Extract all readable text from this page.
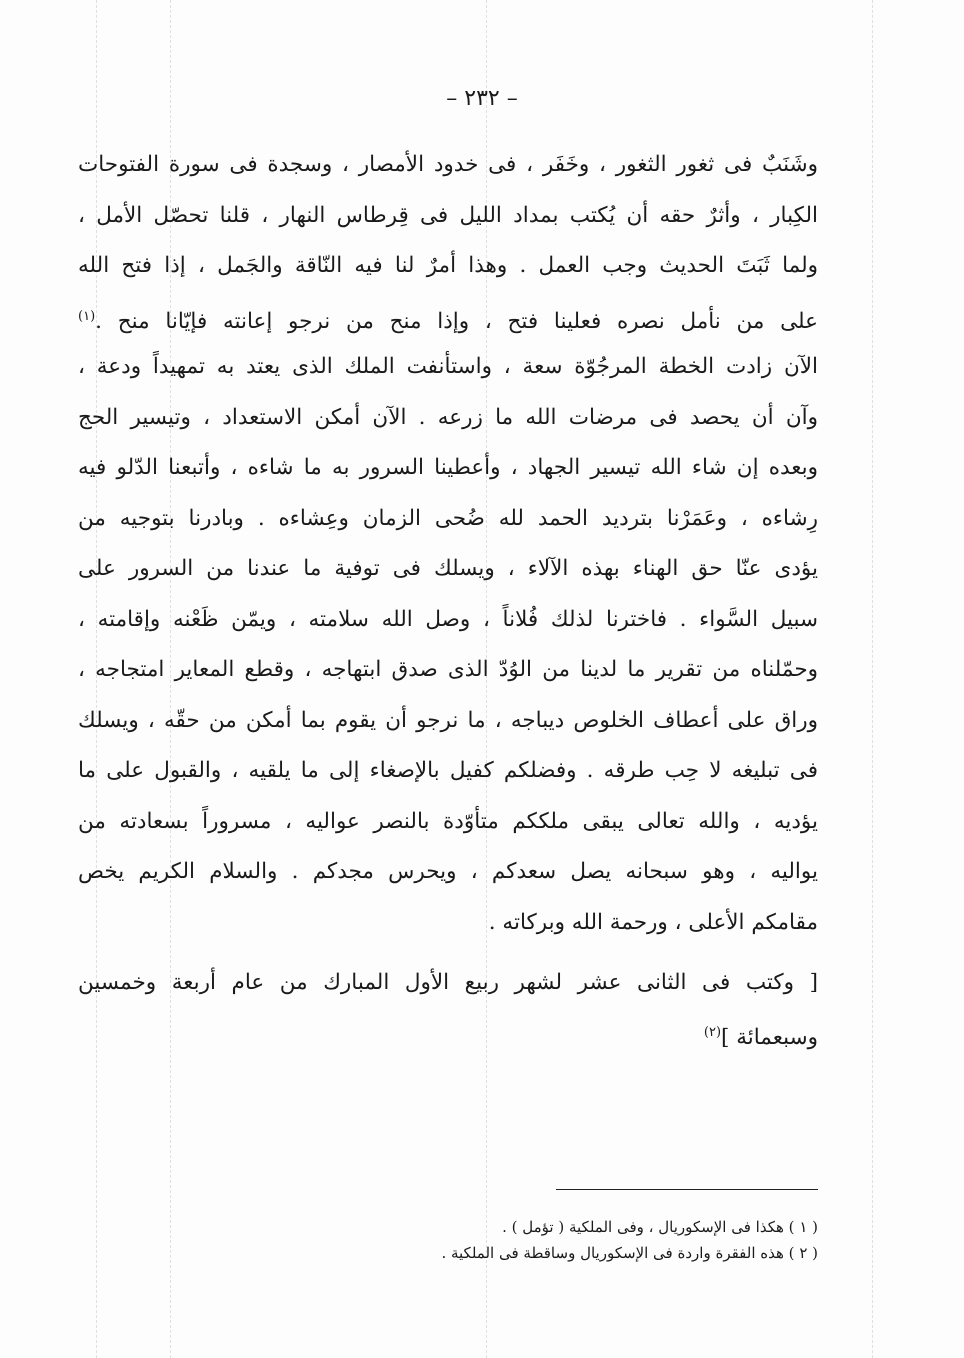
– ٢٣٢ –
وشَنَبٌ فى ثغور الثغور ، وخَفَر ، فى خدود الأمصار ، وسجدة فى سورة الفتوحات
الكِبار ، وأثرٌ حقه أن يُكتب بمداد الليل فى قِرطاس النهار ، قلنا تحصّل الأمل ،
ولما ثَبَتَ الحديث وجب العمل . وهذا أمرٌ لنا فيه النّاقة والجَمل ، إذا فتح الله
على من نأمل نصره فعلينا فتح ، وإذا منح من نرجو إعانته فإيّانا منح .$^{(١)}$
الآن زادت الخطة المرجُوّة سعة ، واستأنفت الملك الذى يعتد به تمهيداً ودعة ،
وآن أن يحصد فى مرضات الله ما زرعه . الآن أمكن الاستعداد ، وتيسير الحج
وبعده إن شاء الله تيسير الجهاد ، وأعطينا السرور به ما شاءه ، وأتبعنا الدّلو فيه
رِشاءه ، وعَمَرْنا بترديد الحمد لله ضُحى الزمان وعِشاءه . وبادرنا بتوجيه من
يؤدى عنّا حق الهناء بهذه الآلاء ، ويسلك فى توفية ما عندنا من السرور على
سبيل السَّواء . فاخترنا لذلك فُلاناً ، وصل الله سلامته ، ويمّن ظَعْنه وإقامته ،
وحمّلناه من تقرير ما لدينا من الوُدّ الذى صدق ابتهاجه ، وقطع المعاير امتجاجه ،
وراق على أعطاف الخلوص ديباجه ، ما نرجو أن يقوم بما أمكن من حقّه ، ويسلك
فى تبليغه لا حِب طرقه . وفضلكم كفيل بالإصغاء إلى ما يلقيه ، والقبول على ما
يؤديه ، والله تعالى يبقى ملككم متأوّدة بالنصر عواليه ، مسروراً بسعادته من
يواليه ، وهو سبحانه يصل سعدكم ، ويحرس مجدكم . والسلام الكريم يخص
مقامكم الأعلى ، ورحمة الله وبركاته .
[ وكتب فى الثانى عشر لشهر ربيع الأول المبارك من عام أربعة وخمسين
وسبعمائة ]$^{(٢)}$
( ١ ) هكذا فى الإسكوريال ، وفى الملكية ( تؤمل ) .
( ٢ ) هذه الفقرة واردة فى الإسكوريال وساقطة فى الملكية .
